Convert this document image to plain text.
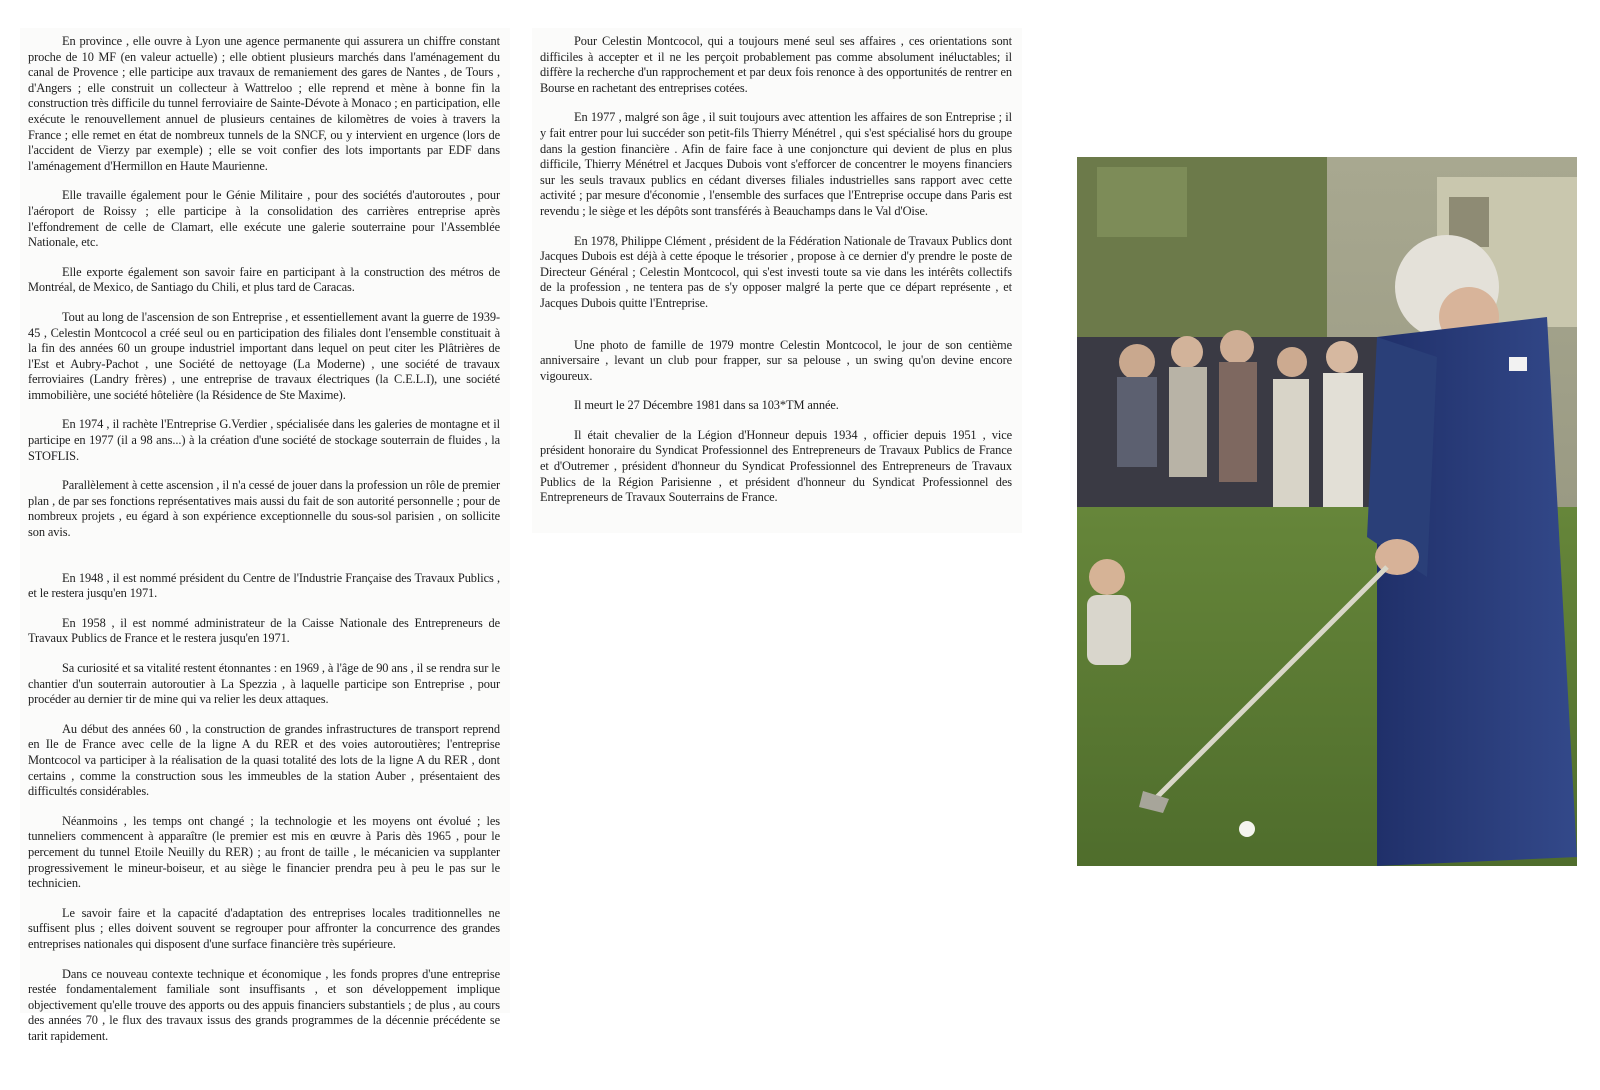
En province , elle ouvre à Lyon une agence permanente qui assurera un chiffre constant proche de 10 MF (en valeur actuelle) ; elle obtient plusieurs marchés dans l'aménagement du canal de Provence ; elle participe aux travaux de remaniement des gares de Nantes , de Tours , d'Angers ; elle construit un collecteur à Wattreloo ; elle reprend et mène à bonne fin la construction très difficile du tunnel ferroviaire de Sainte-Dévote à Monaco ; en participation, elle exécute le renouvellement annuel de plusieurs centaines de kilomètres de voies à travers la France ; elle remet en état de nombreux tunnels de la SNCF, ou y intervient en urgence (lors de l'accident de Vierzy par exemple) ; elle se voit confier des lots importants par EDF dans l'aménagement d'Hermillon en Haute Maurienne.

Elle travaille également pour le Génie Militaire , pour des sociétés d'autoroutes , pour l'aéroport de Roissy ; elle participe à la consolidation des carrières entreprise après l'effondrement de celle de Clamart, elle exécute une galerie souterraine pour l'Assemblée Nationale, etc.

Elle exporte également son savoir faire en participant à la construction des métros de Montréal, de Mexico, de Santiago du Chili, et plus tard de Caracas.

Tout au long de l'ascension de son Entreprise , et essentiellement avant la guerre de 1939-45 , Celestin Montcocol a créé seul ou en participation des filiales dont l'ensemble constituait à la fin des années 60 un groupe industriel important dans lequel on peut citer les Plâtrières de l'Est et Aubry-Pachot , une Société de nettoyage (La Moderne) , une société de travaux ferroviaires (Landry frères) , une entreprise de travaux électriques (la C.E.L.I), une société immobilière, une société hôtelière (la Résidence de Ste Maxime).

En 1974 , il rachète l'Entreprise G.Verdier , spécialisée dans les galeries de montagne et il participe en 1977 (il a 98 ans...) à la création d'une société de stockage souterrain de fluides , la STOFLIS.

Parallèlement à cette ascension , il n'a cessé de jouer dans la profession un rôle de premier plan , de par ses fonctions représentatives mais aussi du fait de son autorité personnelle ; pour de nombreux projets , eu égard à son expérience exceptionnelle du sous-sol parisien , on sollicite son avis.

En 1948 , il est nommé président du Centre de l'Industrie Française des Travaux Publics , et le restera jusqu'en 1971.

En 1958 , il est nommé administrateur de la Caisse Nationale des Entrepreneurs de Travaux Publics de France et le restera jusqu'en 1971.

Sa curiosité et sa vitalité restent étonnantes : en 1969 , à l'âge de 90 ans , il se rendra sur le chantier d'un souterrain autoroutier à La Spezzia , à laquelle participe son Entreprise , pour procéder au dernier tir de mine qui va relier les deux attaques.

Au début des années 60 , la construction de grandes infrastructures de transport reprend en Ile de France avec celle de la ligne A du RER et des voies autoroutières; l'entreprise Montcocol va participer à la réalisation de la quasi totalité des lots de la ligne A du RER , dont certains , comme la construction sous les immeubles de la station Auber , présentaient des difficultés considérables.

Néanmoins , les temps ont changé ; la technologie et les moyens ont évolué ; les tunneliers commencent à apparaître (le premier est mis en œuvre à Paris dès 1965 , pour le percement du tunnel Etoile Neuilly du RER) ; au front de taille , le mécanicien va supplanter progressivement le mineur-boiseur, et au siège le financier prendra peu à peu le pas sur le technicien.

Le savoir faire et la capacité d'adaptation des entreprises locales traditionnelles ne suffisent plus ; elles doivent souvent se regrouper pour affronter la concurrence des grandes entreprises nationales qui disposent d'une surface financière très supérieure.

Dans ce nouveau contexte technique et économique , les fonds propres d'une entreprise restée fondamentalement familiale sont insuffisants , et son développement implique objectivement qu'elle trouve des apports ou des appuis financiers substantiels ; de plus , au cours des années 70 , le flux des travaux issus des grands programmes de la décennie précédente se tarit rapidement.

Pour Celestin Montcocol, qui a toujours mené seul ses affaires , ces orientations sont difficiles à accepter et il ne les perçoit probablement pas comme absolument inéluctables; il diffère la recherche d'un rapprochement et par deux fois renonce à des opportunités de rentrer en Bourse en rachetant des entreprises cotées.

En 1977 , malgré son âge , il suit toujours avec attention les affaires de son Entreprise ; il y fait entrer pour lui succéder son petit-fils Thierry Ménétrel , qui s'est spécialisé hors du groupe dans la gestion financière . Afin de faire face à une conjoncture qui devient de plus en plus difficile, Thierry Ménétrel et Jacques Dubois vont s'efforcer de concentrer le moyens financiers sur les seuls travaux publics en cédant diverses filiales industrielles sans rapport avec cette activité ; par mesure d'économie , l'ensemble des surfaces que l'Entreprise occupe dans Paris est revendu ; le siège et les dépôts sont transférés à Beauchamps dans le Val d'Oise.

En 1978, Philippe Clément , président de la Fédération Nationale de Travaux Publics dont Jacques Dubois est déjà à cette époque le trésorier , propose à ce dernier d'y prendre le poste de Directeur Général ; Celestin Montcocol, qui s'est investi toute sa vie dans les intérêts collectifs de la profession , ne tentera pas de s'y opposer malgré la perte que ce départ représente , et Jacques Dubois quitte l'Entreprise.

Une photo de famille de 1979 montre Celestin Montcocol, le jour de son centième anniversaire , levant un club pour frapper, sur sa pelouse , un swing qu'on devine encore vigoureux.

Il meurt le 27 Décembre 1981 dans sa 103*TM année.

Il était chevalier de la Légion d'Honneur depuis 1934 , officier depuis 1951 , vice président honoraire du Syndicat Professionnel des Entrepreneurs de Travaux Publics de France et d'Outremer , président d'honneur du Syndicat Professionnel des Entrepreneurs de Travaux Publics de la Région Parisienne , et président d'honneur du Syndicat Professionnel des Entrepreneurs de Travaux Souterrains de France.
